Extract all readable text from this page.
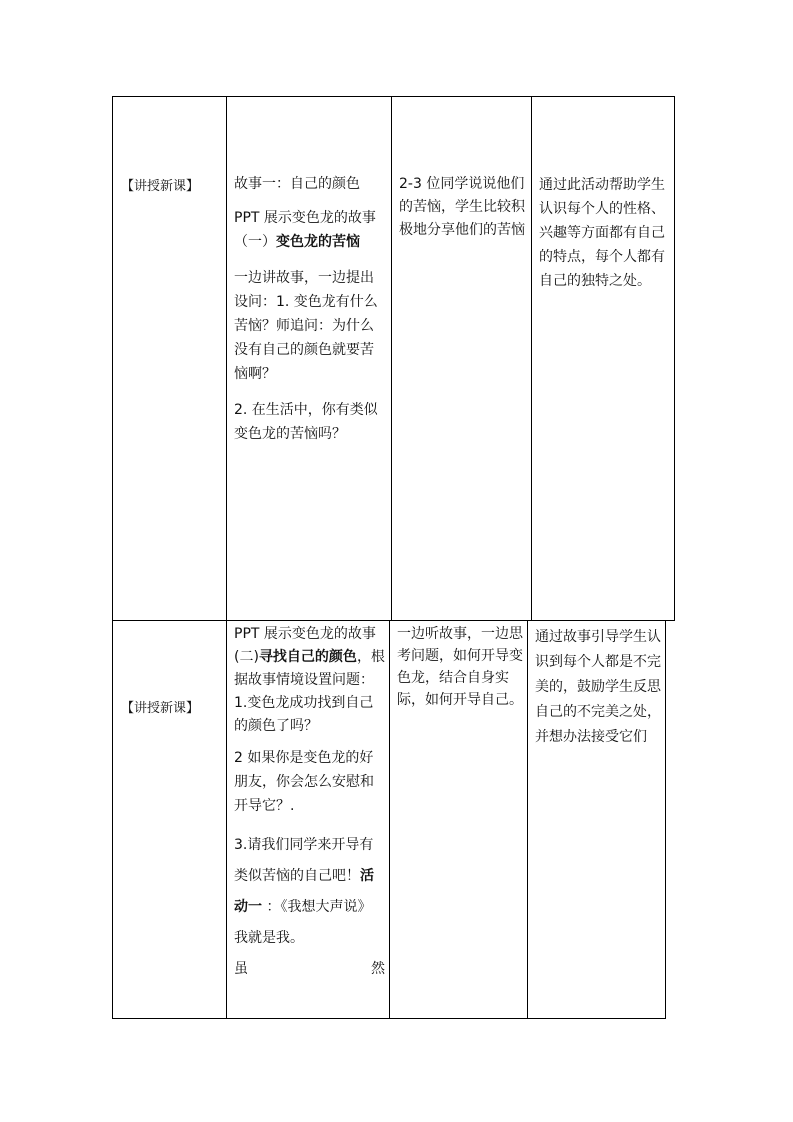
【讲授新课】 故事一：自己的颜色

PPT 展示变色龙的故事（一）变色龙的苦恼

一边讲故事，一边提出设问：1. 变色龙有什么苦恼？师追问：为什么没有自己的颜色就要苦恼啊？

2. 在生活中，你有类似变色龙的苦恼吗？

2-3 位同学说说他们的苦恼，学生比较积极地分享他们的苦恼
通过此活动帮助学生认识每个人的性格、兴趣等方面都有自己的特点，每个人都有自己的独特之处。
【讲授新课】

PPT 展示变色龙的故事(二)寻找自己的颜色，根据故事情境设置问题：1.变色龙成功找到自己的颜色了吗？

2 如果你是变色龙的好朋友，你会怎么安慰和开导它？.

3.请我们同学来开导有类似苦恼的自己吧！活动一 ：《我想大声说》我就是我。

虽	然

一边听故事，一边思考问题，如何开导变色龙，结合自身实际，如何开导自己。
通过故事引导学生认识到每个人都是不完美的，鼓励学生反思自己的不完美之处，并想办法接受它们
